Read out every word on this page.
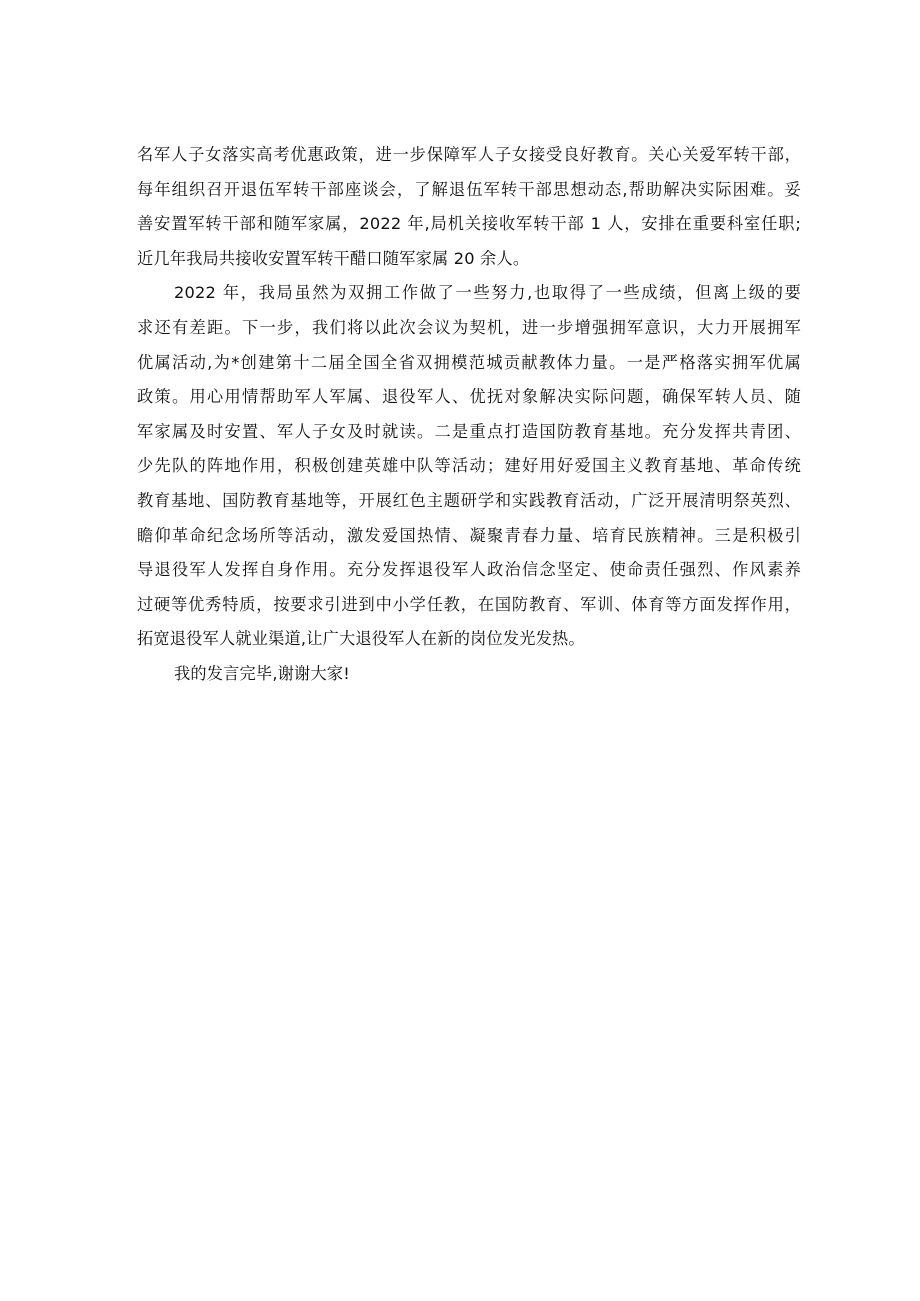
名军人子女落实高考优惠政策，进一步保障军人子女接受良好教育。关心关爱军转干部，
每年组织召开退伍军转干部座谈会，了解退伍军转干部思想动态,帮助解决实际困难。妥
善安置军转干部和随军家属，2022 年,局机关接收军转干部 1 人，安排在重要科室任职;
近几年我局共接收安置军转干醋口随军家属 20 余人。
2022 年，我局虽然为双拥工作做了一些努力,也取得了一些成绩，但离上级的要
求还有差距。下一步，我们将以此次会议为契机，进一步增强拥军意识，大力开展拥军
优属活动,为*创建第十二届全国全省双拥模范城贡献教体力量。一是严格落实拥军优属
政策。用心用情帮助军人军属、退役军人、优抚对象解决实际问题，确保军转人员、随
军家属及时安置、军人子女及时就读。二是重点打造国防教育基地。充分发挥共青团、
少先队的阵地作用，积极创建英雄中队等活动；建好用好爱国主义教育基地、革命传统
教育基地、国防教育基地等，开展红色主题研学和实践教育活动，广泛开展清明祭英烈、
瞻仰革命纪念场所等活动，激发爱国热情、凝聚青春力量、培育民族精神。三是积极引
导退役军人发挥自身作用。充分发挥退役军人政治信念坚定、使命责任强烈、作风素养
过硬等优秀特质，按要求引进到中小学任教，在国防教育、军训、体育等方面发挥作用，
拓宽退役军人就业渠道,让广大退役军人在新的岗位发光发热。
我的发言完毕,谢谢大家!
